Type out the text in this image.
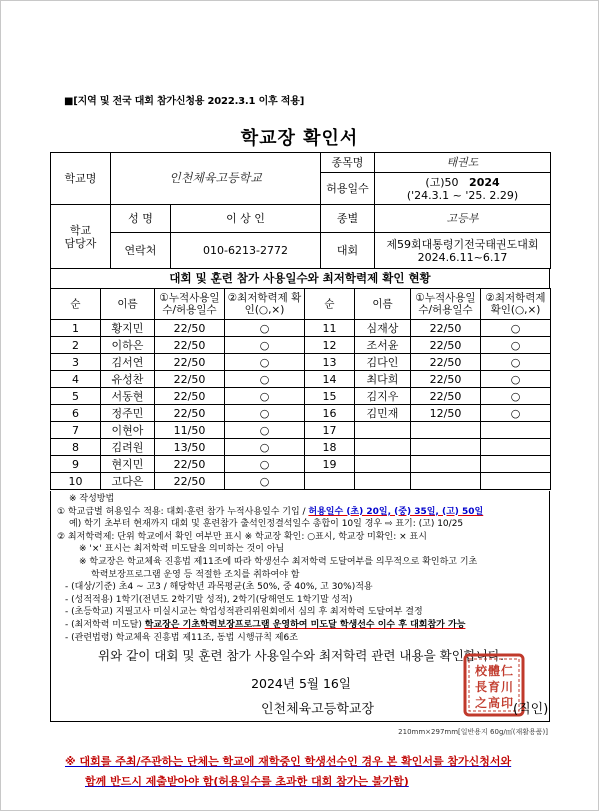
■[지역 및 전국 대회 참가신청용 2022.3.1 이후 적용]
학교장 확인서
학교명	인천체육고등학교		종목명	태권도
			허용일수	(고)50 2024
('24.3.1 ~ '25. 2.29)

학교
담당자	성 명	이 상 인	종별	고등부
	연락처	010-6213-2772	대회	제59회대통령기전국태권도대회
2024.6.11~6.17
대회 및 훈련 참가 사용일수와 최저학력제 확인 현황
순	이름	①누적사용일수/허용일수	②최저학력제 확인(○,×)	순	이름	①누적사용일수/허용일수	②최저학력제 확인(○,×)
1	황지민	22/50	○	11	심재상	22/50	○
2	이하은	22/50	○	12	조서윤	22/50	○
3	김서연	22/50	○	13	김다인	22/50	○
4	유성찬	22/50	○	14	최다희	22/50	○
5	서동현	22/50	○	15	김지우	22/50	○
6	정주민	22/50	○	16	김민재	12/50	○
7	이현아	11/50	○	17			
8	김려원	13/50	○	18			
9	현지민	22/50	○	19			
10	고다은	22/50	○				
※ 작성방법
① 학교급별 허용일수 적용: 대회·훈련 참가 누적사용일수 기입 / 허용일수 (초) 20일, (중) 35일, (고) 50일
예) 학기 초부터 현재까지 대회 및 훈련참가 출석인정결석일수 총합이 10일 경우 ⇨ 표기: (고) 10/25
② 최저학력제: 단위 학교에서 확인 여부만 표시 ※ 학교장 확인: ○표시, 학교장 미확인: × 표시
※ '×' 표시는 최저학력 미도달을 의미하는 것이 아님
※ 학교장은 학교체육 진흥법 제11조에 따라 학생선수 최저학력 도달여부를 의무적으로 확인하고 기초
학력보장프로그램 운영 등 적절한 조치를 취하여야 함
- (대상/기준) 초4 ~ 고3 / 해당학년 과목평균(초 50%, 중 40%, 고 30%)적용
- (성적적용) 1학기(전년도 2학기말 성적), 2학기(당해연도 1학기말 성적)
- (초등학교) 지필고사 미실시교는 학업성적관리위원회에서 심의 후 최저학력 도달여부 결정
- (최저학력 미도달) 학교장은 기초학력보장프로그램 운영하여 미도달 학생선수 이수 후 대회참가 가능
- (관련법령) 학교체육 진흥법 제11조, 동법 시행규칙 제6조
위와 같이 대회 및 훈련 참가 사용일수와 최저학력 관련 내용을 확인합니다.
2024년 5월 16일
인천체육고등학교장
校 體 仁
長 育 川
之 高 印 (직인)
210mm×297mm[일반용지 60g/㎡(재활용품)]
※ 대회를 주최/주관하는 단체는 학교에 재학중인 학생선수인 경우 본 확인서를 참가신청서와
함께 반드시 제출받아야 함(허용일수를 초과한 대회 참가는 불가함)
